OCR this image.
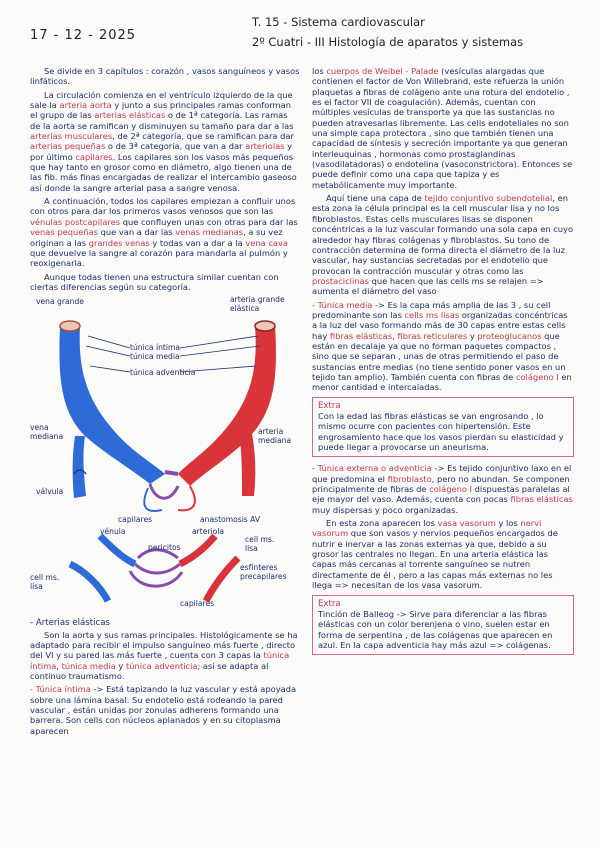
17 - 12 - 2025
T. 15 - Sistema cardiovascular
2º Cuatri - III Histología de aparatos y sistemas

Se divide en 3 capítulos : corazón , vasos sanguíneos y vasos linfáticos.

La circulación comienza en el ventrículo izquierdo de la que sale la arteria aorta y junto a sus principales ramas conforman el grupo de las arterias elásticas o de 1ª categoría. Las ramas de la aorta se ramifican y disminuyen su tamaño para dar a las arterias musculares, de 2ª categoría, que se ramifican para dar arterias pequeñas o de 3ª categoría, que van a dar arteriolas y por último capilares. Los capilares son los vasos más pequeños que hay tanto en grosor como en diámetro, algo tienen una de las fib. más finas encargadas de realizar el intercambio gaseoso así donde la sangre arterial pasa a sangre venosa.

A continuación, todos los capilares empiezan a confluir unos con otros para dar los primeros vasos venosos que son las vénulas postcapilares que confluyen unas con otras para dar las venas pequeñas que van a dar las venas medianas, a su vez originan a las grandes venas y todas van a dar a la vena cava que devuelve la sangre al corazón para mandarla al pulmón y reoxigenarla.

Aunque todas tienen una estructura similar cuentan con ciertas diferencias según su categoría.

vena grande	arteria grande elástica
túnica íntima
túnica media
túnica adventicia
vena mediana
arteria mediana
válvula
capilares	anastomosis AV
vénula	arteriola
pericitos
cell ms. lisa
esfínteres precapilares
cell ms. lisa
capilares
- Arterias elásticas

Son la aorta y sus ramas principales. Histológicamente se ha adaptado para recibir el impulso sanguíneo más fuerte , directo del VI y su pared las más fuerte , cuenta con 3 capas la túnica íntima, túnica media y túnica adventicia; así se adapta al continuo traumatismo.

- Túnica íntima -> Está tapizando la luz vascular y está apoyada sobre una lámina basal. Su endotelio está rodeando la pared vascular , están unidas por zonulas adherens formando una barrera. Son cells con núcleos aplanados y en su citoplasma aparecen

los cuerpos de Weibel - Palade (vesículas alargadas que contienen el factor de Von Willebrand, este refuerza la unión plaquetas a fibras de colágeno ante una rotura del endotelio , es el factor VII de coagulación). Además, cuentan con múltiples vesículas de transporte ya que las sustancias no pueden atravesarlas libremente. Las cells endoteliales no son una simple capa protectora , sino que también tienen una capacidad de síntesis y secreción importante ya que generan interleuquinas , hormonas como prostaglandinas (vasodilatadoras) o endotelina (vasoconstrictora). Entonces se puede definir como una capa que tapiza y es metabólicamente muy importante.

Aquí tiene una capa de tejido conjuntivo subendotelial, en esta zona la célula principal es la cell muscular lisa y no los fibroblastos. Estas cells musculares lisas se disponen concéntricas a la luz vascular formando una sola capa en cuyo alrededor hay fibras colágenas y fibroblastos. Su tono de contracción determina de forma directa el diámetro de la luz vascular, hay sustancias secretadas por el endotelio que provocan la contracción muscular y otras como las prostaciclinas que hacen que las cells ms se relajen => aumenta el diámetro del vaso

- Túnica media -> Es la capa más amplia de las 3 , su cell predominante son las cells ms lisas organizadas concéntricas a la luz del vaso formando más de 30 capas entre estas cells hay fibras elásticas, fibras reticulares y proteoglucanos que están en decalaje ya que no forman paquetes compactos , sino que se separan , unas de otras permitiendo el paso de sustancias entre medias (no tiene sentido poner vasos en un tejido tan amplio). También cuenta con fibras de colágeno I en menor cantidad e intercaladas.

Extra
Con la edad las fibras elásticas se van engrosando , lo mismo ocurre con pacientes con hipertensión. Este engrosamiento hace que los vasos pierdan su elasticidad y puede llegar a provocarse un aneurisma.

- Túnica externa o adventicia -> Es tejido conjuntivo laxo en el que predomina el fibroblasto, pero no abundan. Se componen principalmente de fibras de colágeno I dispuestas paralelas al eje mayor del vaso. Además, cuenta con pocas fibras elásticas muy dispersas y poco organizadas.

En esta zona aparecen los vasa vasorum y los nervi vasorum que son vasos y nervios pequeños encargados de nutrir e inervar a las zonas externas ya que, debido a su grosor las centrales no llegan. En una arteria elástica las capas más cercanas al torrente sanguíneo se nutren directamente de él , pero a las capas más externas no les llega => necesitan de los vasa vasorum.

Extra
Tinción de Balleog -> Sirve para diferenciar a las fibras elásticas con un color berenjena o vino, suelen estar en forma de serpentina , de las colágenas que aparecen en azul. En la capa adventicia hay más azul => colágenas.
